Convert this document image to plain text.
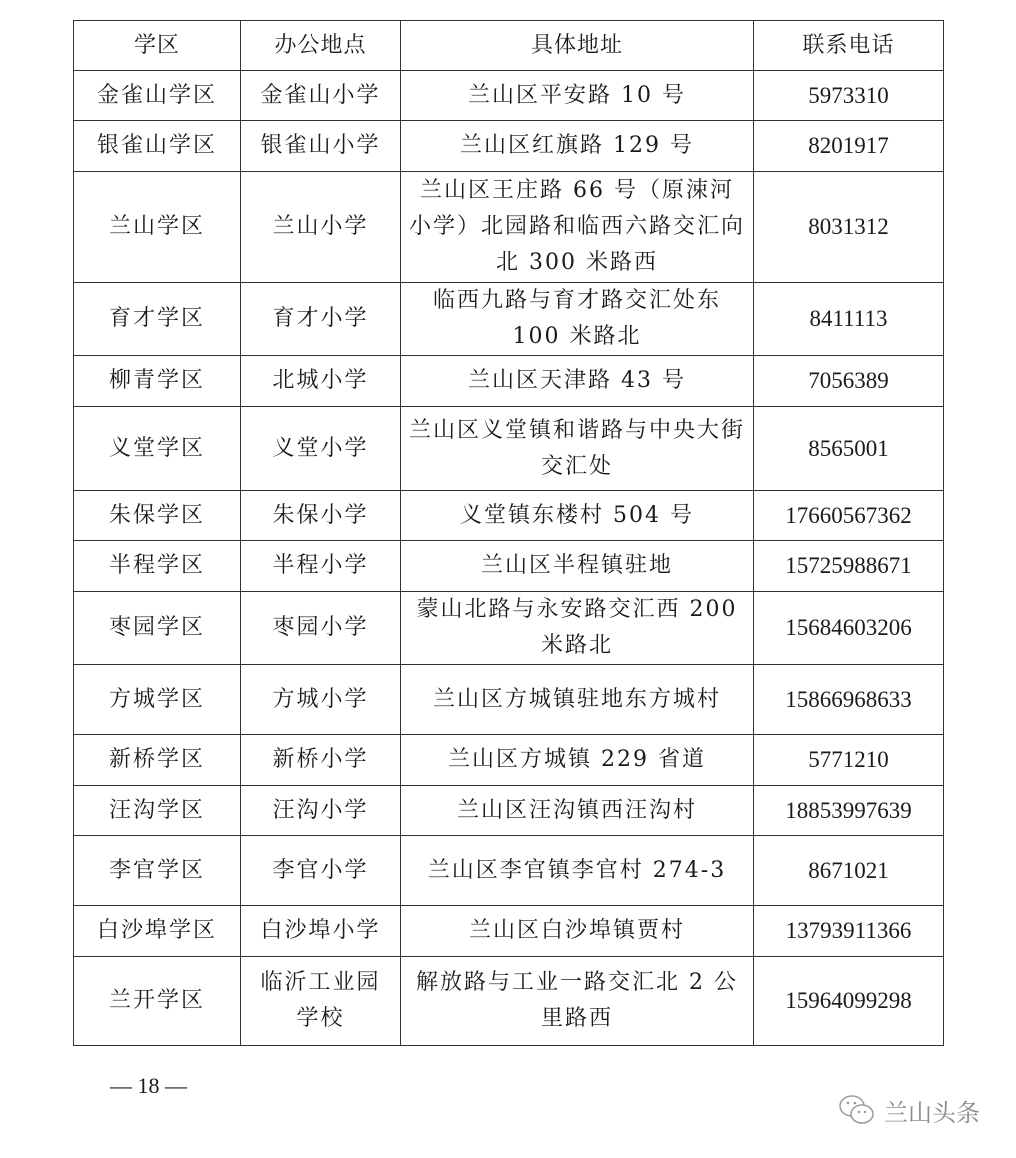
学区	办公地点	具体地址	联系电话
金雀山学区	金雀山小学	兰山区平安路 10 号	5973310
银雀山学区	银雀山小学	兰山区红旗路 129 号	8201917
兰山学区	兰山小学	兰山区王庄路 66 号（原涑河小学）北园路和临西六路交汇向北 300 米路西	8031312
育才学区	育才小学	临西九路与育才路交汇处东 100 米路北	8411113
柳青学区	北城小学	兰山区天津路 43 号	7056389
义堂学区	义堂小学	兰山区义堂镇和谐路与中央大街交汇处	8565001
朱保学区	朱保小学	义堂镇东楼村 504 号	17660567362
半程学区	半程小学	兰山区半程镇驻地	15725988671
枣园学区	枣园小学	蒙山北路与永安路交汇西 200 米路北	15684603206
方城学区	方城小学	兰山区方城镇驻地东方城村	15866968633
新桥学区	新桥小学	兰山区方城镇 229 省道	5771210
汪沟学区	汪沟小学	兰山区汪沟镇西汪沟村	18853997639
李官学区	李官小学	兰山区李官镇李官村 274-3	8671021
白沙埠学区	白沙埠小学	兰山区白沙埠镇贾村	13793911366
兰开学区	临沂工业园学校	解放路与工业一路交汇北 2 公里路西	15964099298
— 18 —
兰山头条
